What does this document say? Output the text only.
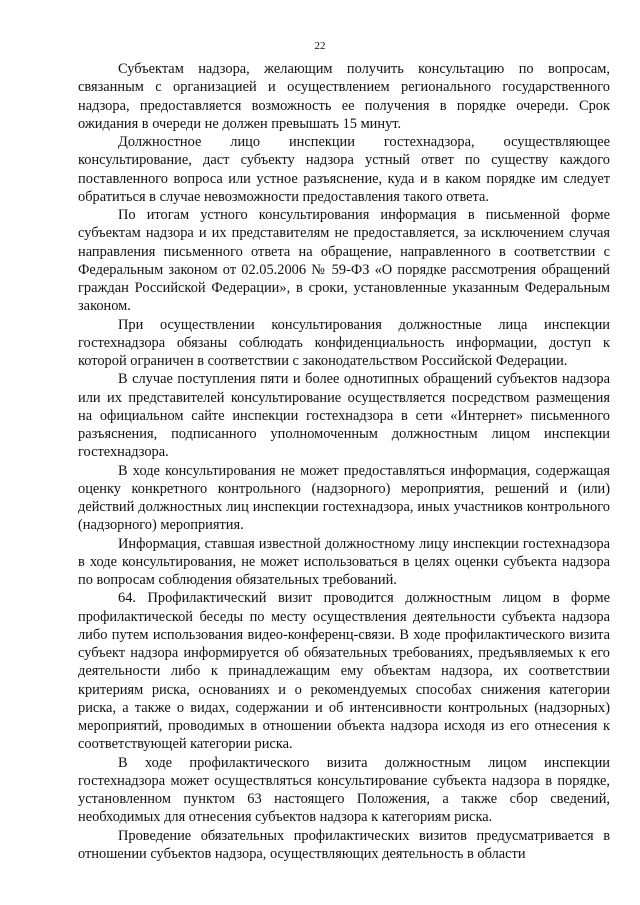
22

Субъектам надзора, желающим получить консультацию по вопросам, связанным с организацией и осуществлением регионального государственного надзора, предоставляется возможность ее получения в порядке очереди. Срок ожидания в очереди не должен превышать 15 минут.

Должностное лицо инспекции гостехнадзора, осуществляющее консультирование, даст субъекту надзора устный ответ по существу каждого поставленного вопроса или устное разъяснение, куда и в каком порядке им следует обратиться в случае невозможности предоставления такого ответа.

По итогам устного консультирования информация в письменной форме субъектам надзора и их представителям не предоставляется, за исключением случая направления письменного ответа на обращение, направленного в соответствии с Федеральным законом от 02.05.2006 № 59-ФЗ «О порядке рассмотрения обращений граждан Российской Федерации», в сроки, установленные указанным Федеральным законом.

При осуществлении консультирования должностные лица инспекции гостехнадзора обязаны соблюдать конфиденциальность информации, доступ к которой ограничен в соответствии с законодательством Российской Федерации.

В случае поступления пяти и более однотипных обращений субъектов надзора или их представителей консультирование осуществляется посредством размещения на официальном сайте инспекции гостехнадзора в сети «Интернет» письменного разъяснения, подписанного уполномоченным должностным лицом инспекции гостехнадзора.

В ходе консультирования не может предоставляться информация, содержащая оценку конкретного контрольного (надзорного) мероприятия, решений и (или) действий должностных лиц инспекции гостехнадзора, иных участников контрольного (надзорного) мероприятия.

Информация, ставшая известной должностному лицу инспекции гостехнадзора в ходе консультирования, не может использоваться в целях оценки субъекта надзора по вопросам соблюдения обязательных требований.

64. Профилактический визит проводится должностным лицом в форме профилактической беседы по месту осуществления деятельности субъекта надзора либо путем использования видео-конференц-связи. В ходе профилактического визита субъект надзора информируется об обязательных требованиях, предъявляемых к его деятельности либо к принадлежащим ему объектам надзора, их соответствии критериям риска, основаниях и о рекомендуемых способах снижения категории риска, а также о видах, содержании и об интенсивности контрольных (надзорных) мероприятий, проводимых в отношении объекта надзора исходя из его отнесения к соответствующей категории риска.

В ходе профилактического визита должностным лицом инспекции гостехнадзора может осуществляться консультирование субъекта надзора в порядке, установленном пунктом 63 настоящего Положения, а также сбор сведений, необходимых для отнесения субъектов надзора к категориям риска.

Проведение обязательных профилактических визитов предусматривается в отношении субъектов надзора, осуществляющих деятельность в области
